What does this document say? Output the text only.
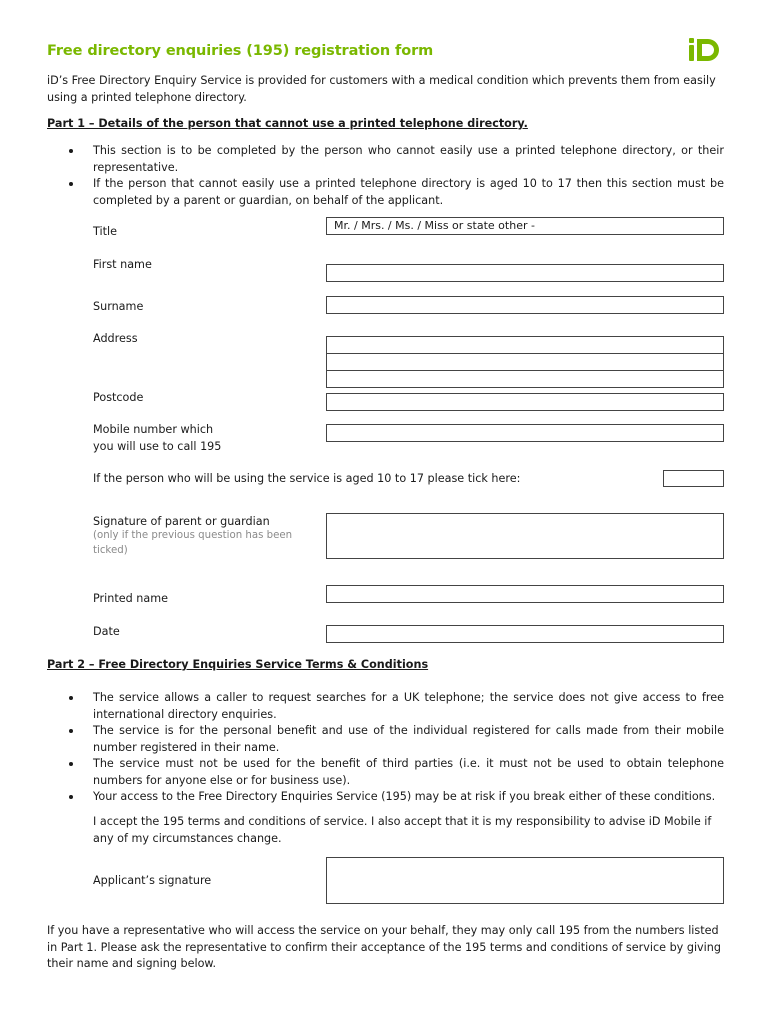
Free directory enquiries (195) registration form
iD’s Free Directory Enquiry Service is provided for customers with a medical condition which prevents them from easily using a printed telephone directory.
Part 1 – Details of the person that cannot use a printed telephone directory.
This section is to be completed by the person who cannot easily use a printed telephone directory, or their representative.
If the person that cannot easily use a printed telephone directory is aged 10 to 17 then this section must be completed by a parent or guardian, on behalf of the applicant.
Title	Mr. / Mrs. / Ms. / Miss or state other -
First name
Surname
Address
Postcode
Mobile number which
you will use to call 195
If the person who will be using the service is aged 10 to 17 please tick here:
Signature of parent or guardian
(only if the previous question has been
ticked)
Printed name
Date
Part 2 – Free Directory Enquiries Service Terms & Conditions
The service allows a caller to request searches for a UK telephone; the service does not give access to free international directory enquiries.
The service is for the personal benefit and use of the individual registered for calls made from their mobile number registered in their name.
The service must not be used for the benefit of third parties (i.e. it must not be used to obtain telephone numbers for anyone else or for business use).
Your access to the Free Directory Enquiries Service (195) may be at risk if you break either of these conditions.
I accept the 195 terms and conditions of service. I also accept that it is my responsibility to advise iD Mobile if any of my circumstances change.
Applicant’s signature
If you have a representative who will access the service on your behalf, they may only call 195 from the numbers listed in Part 1. Please ask the representative to confirm their acceptance of the 195 terms and conditions of service by giving their name and signing below.
